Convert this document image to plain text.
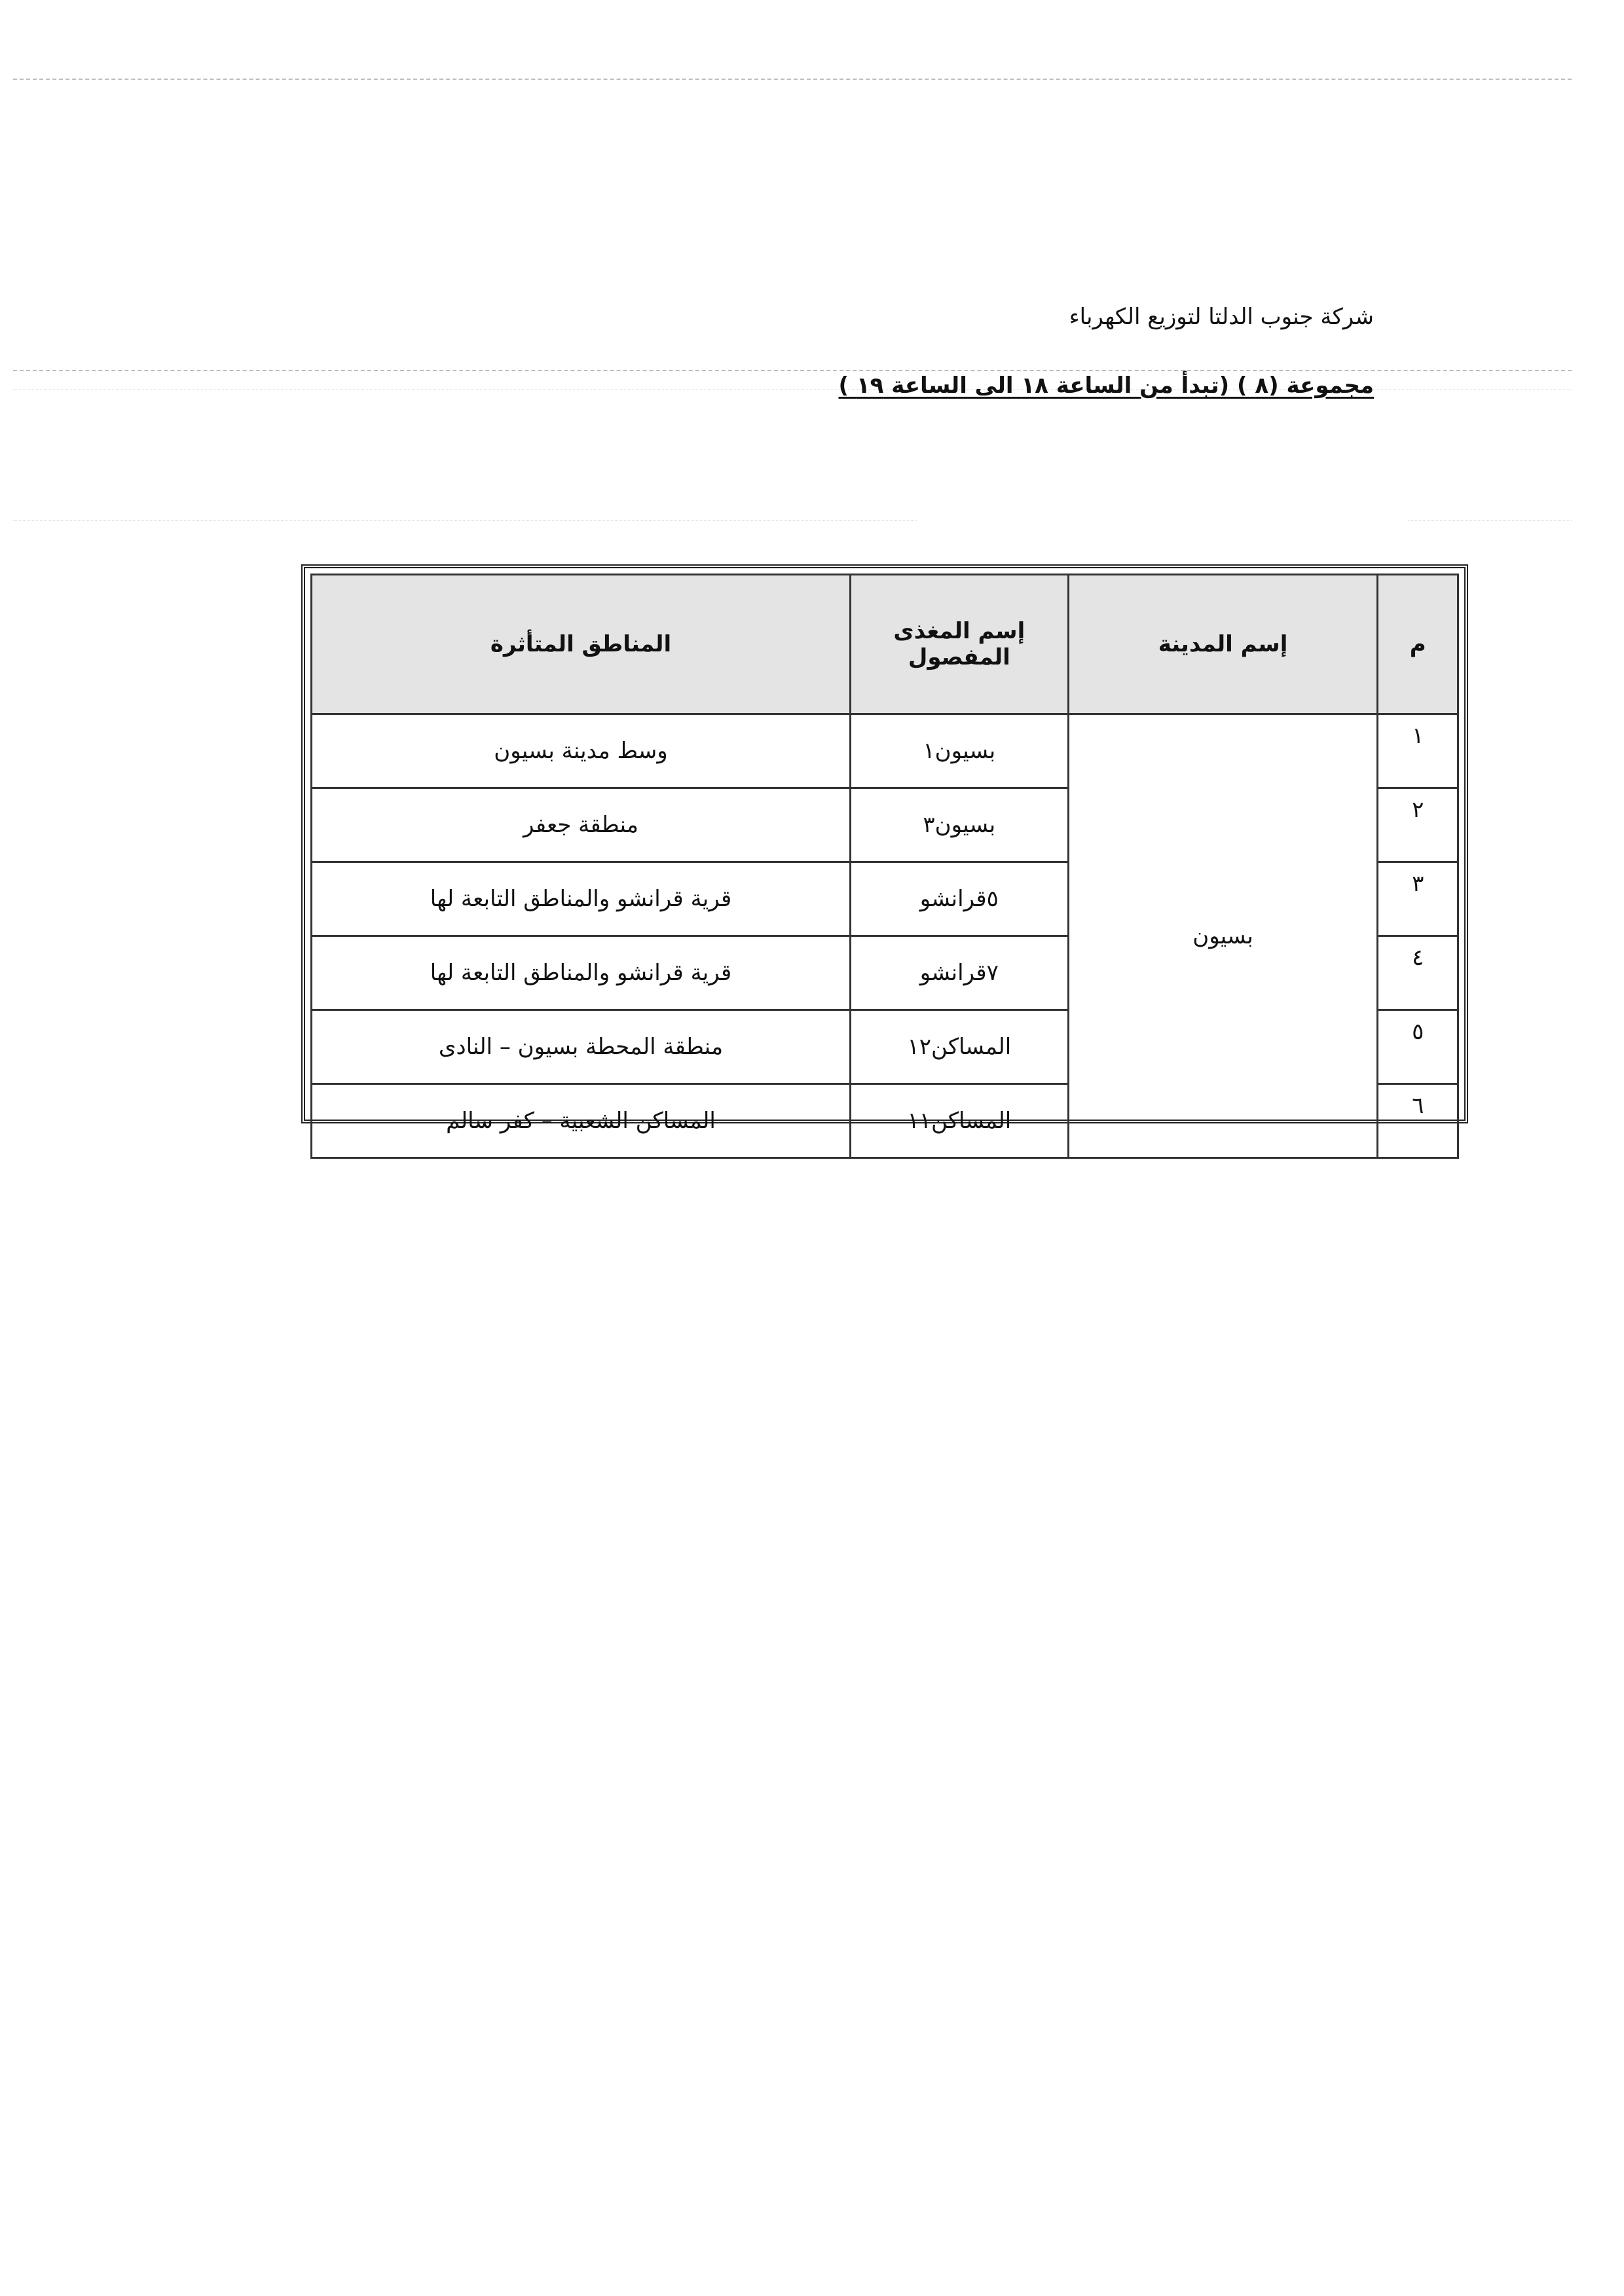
شركة جنوب الدلتا لتوزيع الكهرباء
مجموعة (٨ ) (تبدأ من الساعة ١٨ الى الساعة ١٩ )
م	إسم المدينة	إسم المغذى المفصول	المناطق المتأثرة
١	بسيون	بسيون١	وسط مدينة بسيون
٢		بسيون٣	منطقة جعفر
٣		٥قرانشو	قرية قرانشو والمناطق التابعة لها
٤		٧قرانشو	قرية قرانشو والمناطق التابعة لها
٥		المساكن١٢	منطقة المحطة بسيون – النادى
٦		المساكن١١	المساكن الشعبية – كفر سالم
